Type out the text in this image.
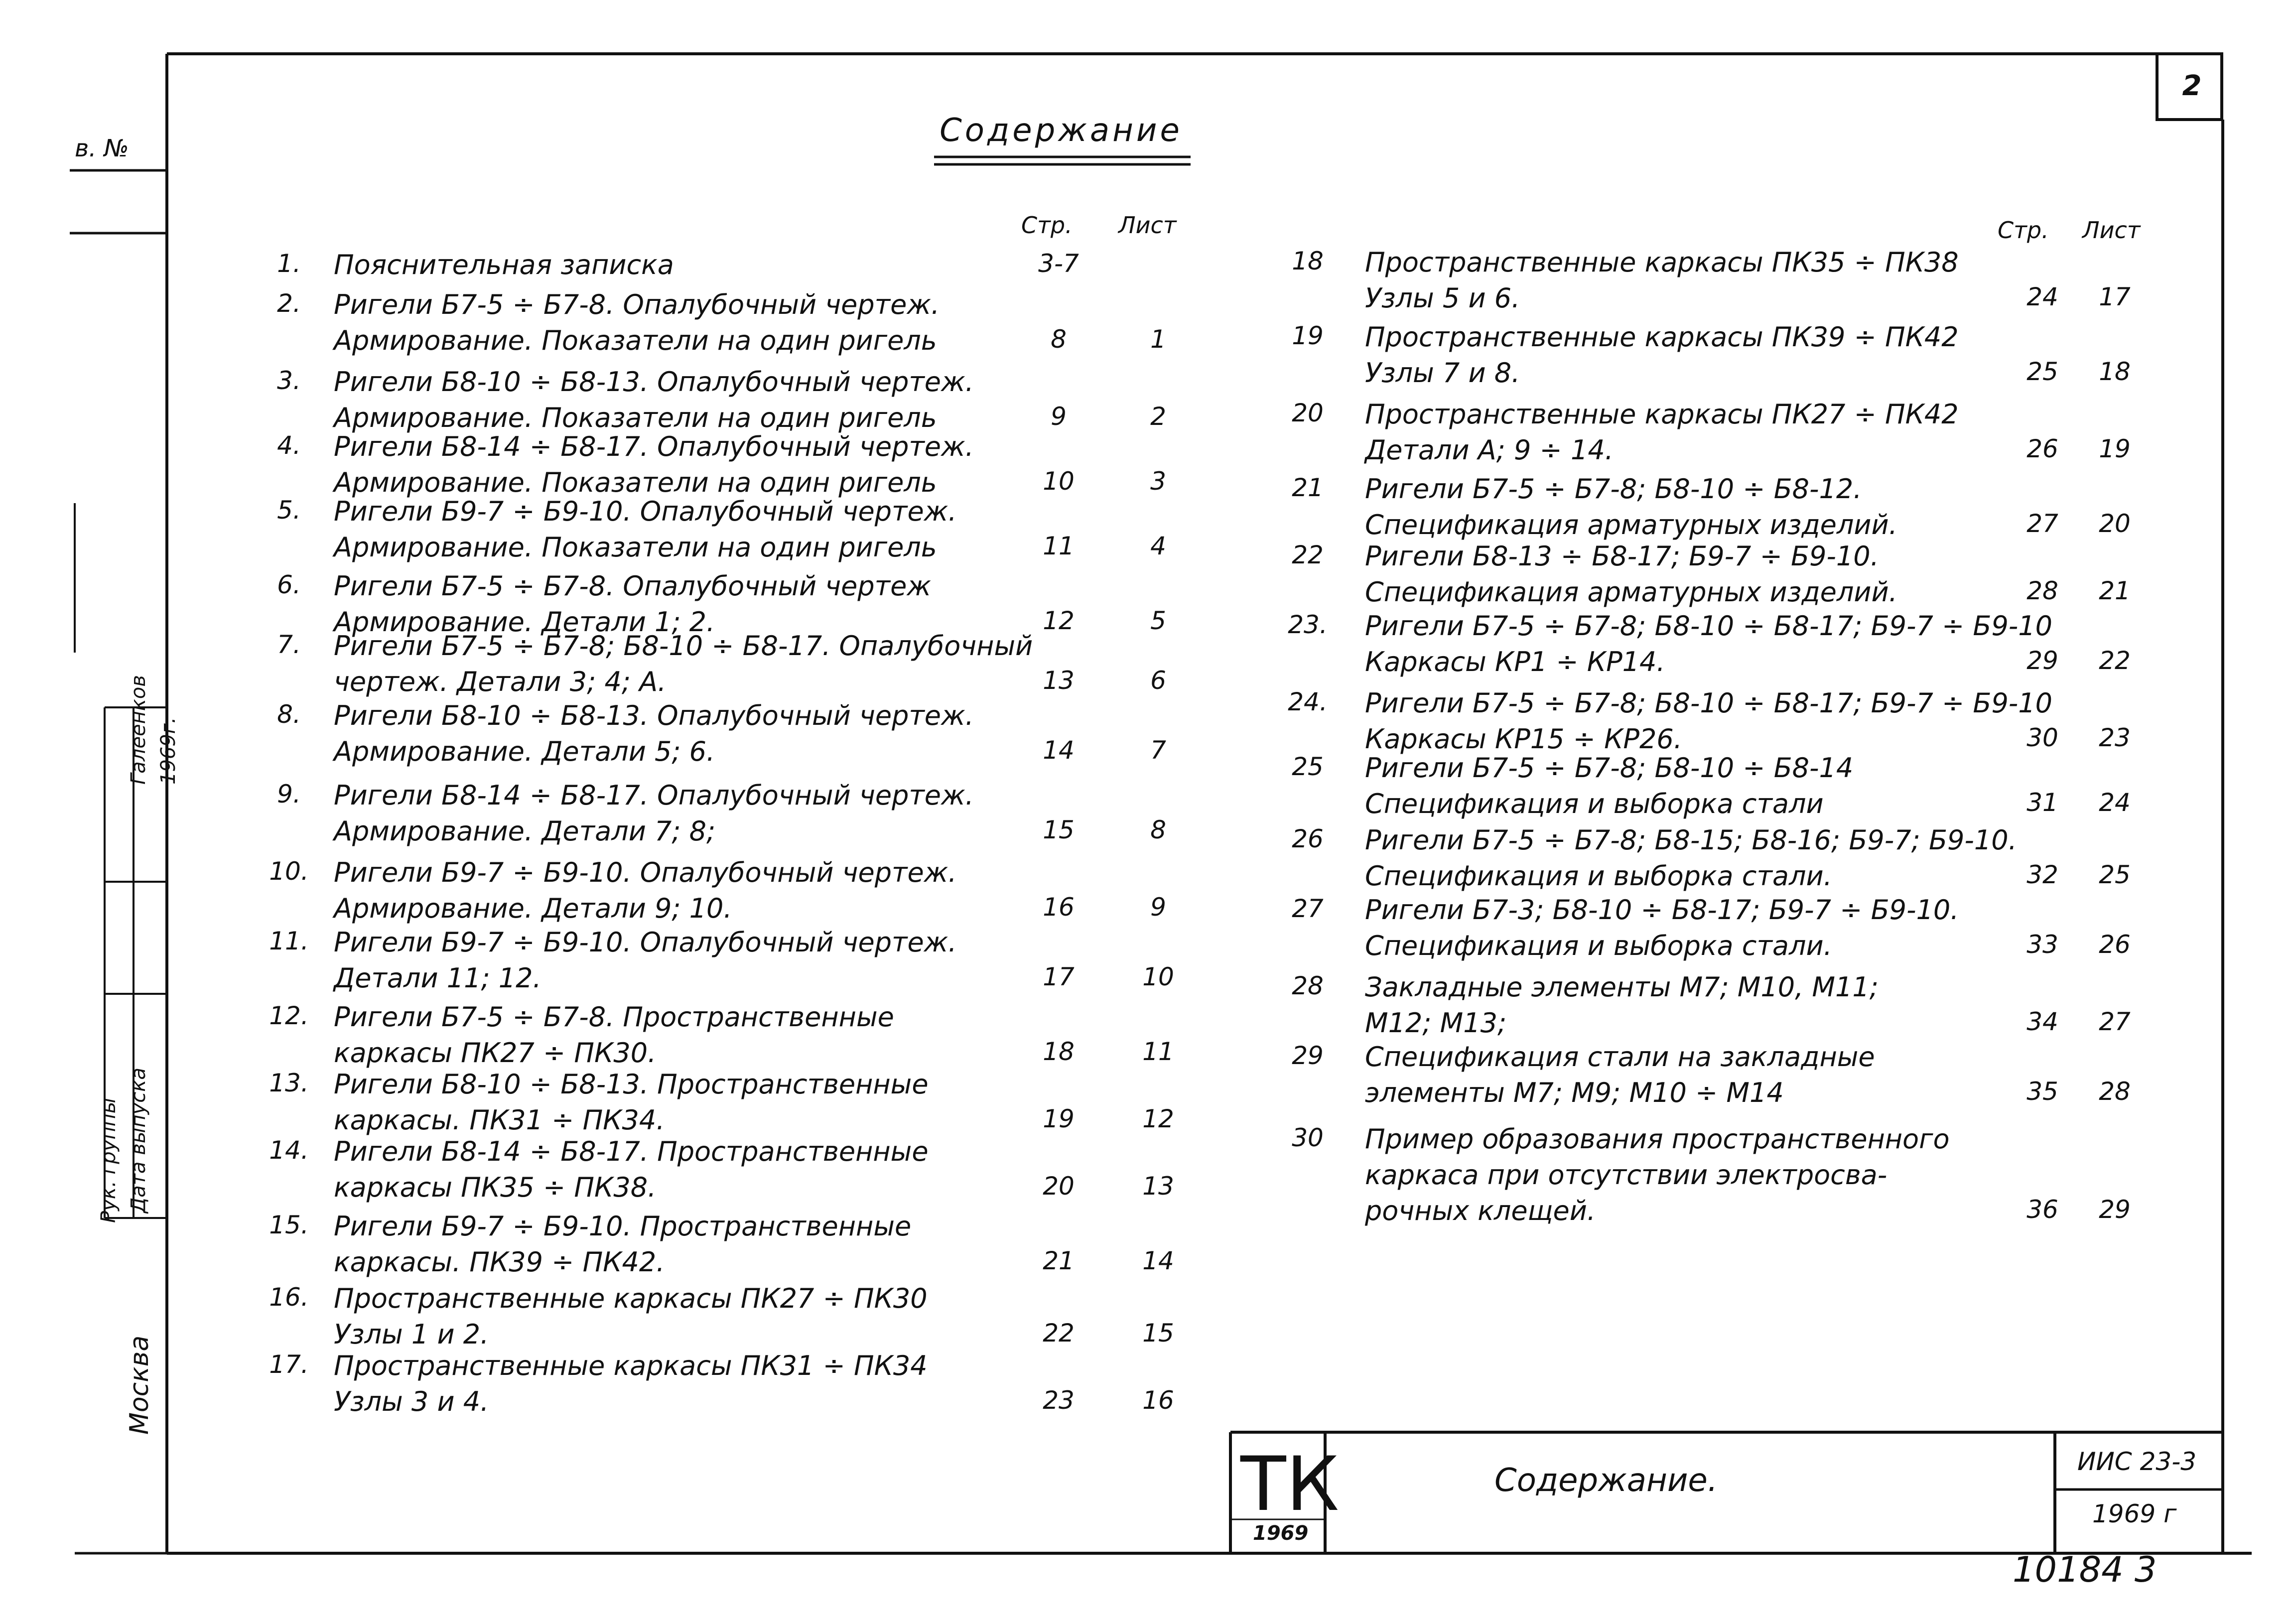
Содержание
2
в. №
Стр. Лист	Стр. Лист
1.	Пояснительная записка	3-7
2.	Ригели Б7-5 ÷ Б7-8. Опалубочный чертеж.
Армирование. Показатели на один ригель	8	1
3.	Ригели Б8-10 ÷ Б8-13. Опалубочный чертеж.
Армирование. Показатели на один ригель	9	2
4.	Ригели Б8-14 ÷ Б8-17. Опалубочный чертеж.
Армирование. Показатели на один ригель	10	3
5.	Ригели Б9-7 ÷ Б9-10. Опалубочный чертеж.
Армирование. Показатели на один ригель	11	4
6.	Ригели Б7-5 ÷ Б7-8. Опалубочный чертеж
Армирование. Детали 1; 2.	12	5
7.	Ригели Б7-5 ÷ Б7-8; Б8-10 ÷ Б8-17. Опалубочный
чертеж. Детали 3; 4; А.	13	6
8.	Ригели Б8-10 ÷ Б8-13. Опалубочный чертеж.
Армирование. Детали 5; 6.	14	7
9.	Ригели Б8-14 ÷ Б8-17. Опалубочный чертеж.
Армирование. Детали 7; 8;	15	8
10. Ригели Б9-7 ÷ Б9-10. Опалубочный чертеж.
Армирование. Детали 9; 10.	16	9
11. Ригели Б9-7 ÷ Б9-10. Опалубочный чертеж.
Детали 11; 12.	17	10
12. Ригели Б7-5 ÷ Б7-8. Пространственные
каркасы ПК27 ÷ ПК30.	18	11
13. Ригели Б8-10 ÷ Б8-13. Пространственные
каркасы. ПК31 ÷ ПК34.	19	12
14. Ригели Б8-14 ÷ Б8-17. Пространственные
каркасы ПК35 ÷ ПК38.	20	13
15. Ригели Б9-7 ÷ Б9-10. Пространственные
каркасы. ПК39 ÷ ПК42.	21	14
16. Пространственные каркасы ПК27 ÷ ПК30
Узлы 1 и 2.	22	15
17. Пространственные каркасы ПК31 ÷ ПК34
Узлы 3 и 4.	23	16
18	Пространственные каркасы ПК35 ÷ ПК38
Узлы 5 и 6.	24	17
19	Пространственные каркасы ПК39 ÷ ПК42
Узлы 7 и 8.	25	18
20	Пространственные каркасы ПК27 ÷ ПК42
Детали А; 9 ÷ 14.	26	19
21	Ригели Б7-5 ÷ Б7-8; Б8-10 ÷ Б8-12.
Спецификация арматурных изделий.	27	20
22	Ригели Б8-13 ÷ Б8-17; Б9-7 ÷ Б9-10.
Спецификация арматурных изделий.	28	21
23. Ригели Б7-5 ÷ Б7-8; Б8-10 ÷ Б8-17; Б9-7 ÷ Б9-10
Каркасы КР1 ÷ КР14.	29	22
24. Ригели Б7-5 ÷ Б7-8; Б8-10 ÷ Б8-17; Б9-7 ÷ Б9-10
Каркасы КР15 ÷ КР26.	30	23
25	Ригели Б7-5 ÷ Б7-8; Б8-10 ÷ Б8-14
Спецификация и выборка стали	31	24
26	Ригели Б7-5 ÷ Б7-8; Б8-15; Б8-16; Б9-7; Б9-10.
Спецификация и выборка стали.	32	25
27	Ригели Б7-3; Б8-10 ÷ Б8-17; Б9-7 ÷ Б9-10.
Спецификация и выборка стали.	33	26
28	Закладные элементы М7; М10, М11;
М12; М13;	34	27
29	Спецификация стали на закладные
элементы М7; М9; М10 ÷ М14	35	28
30	Пример образования пространственного
каркаса при отсутствии электросва-
рочных клещей.	36	29
ТК
1969
Содержание.
ИИС 23-3
1969 г
10184 3
Рук. группы Дата выпуска
Галеенков 1969г.
Москва
